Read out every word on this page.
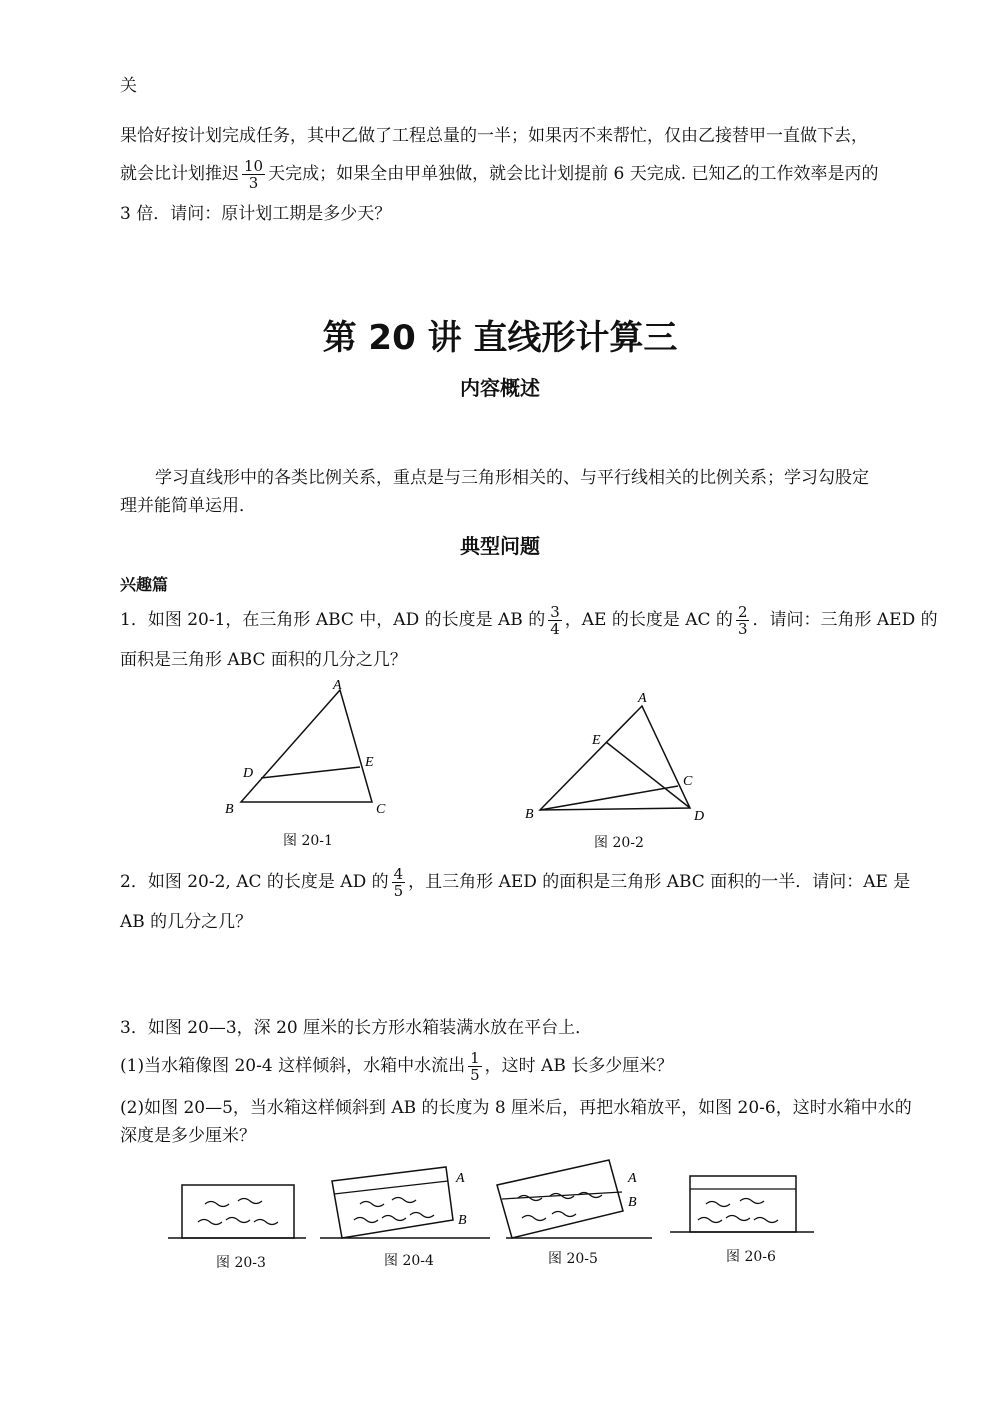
关
果恰好按计划完成任务，其中乙做了工程总量的一半；如果丙不来帮忙，仅由乙接替甲一直做下去，
就会比计划推迟 $\frac{10}{3}$ 天完成；如果全由甲单独做，就会比计划提前 6 天完成. 已知乙的工作效率是丙的
3 倍．请问：原计划工期是多少天？
第 20 讲 直线形计算三
内容概述
学习直线形中的各类比例关系，重点是与三角形相关的、与平行线相关的比例关系；学习勾股定
理并能简单运用．
典型问题
兴趣篇
1．如图 20-1，在三角形 ABC 中，AD 的长度是 AB 的 $\frac{3}{4}$ ，AE 的长度是 AC 的 $\frac{2}{3}$ ．请问：三角形 AED 的
面积是三角形 ABC 面积的几分之几？
A
B	C
D
E
图 20-1
A
B
C
D
E
图 20-2
2．如图 20-2, AC 的长度是 AD 的 $\frac{4}{5}$ ，且三角形 AED 的面积是三角形 ABC 面积的一半．请问：AE 是
AB 的几分之几？
3．如图 20—3，深 20 厘米的长方形水箱装满水放在平台上．
(1)当水箱像图 20-4 这样倾斜，水箱中水流出 $\frac{1}{5}$ ，这时 AB 长多少厘米？
(2)如图 20—5，当水箱这样倾斜到 AB 的长度为 8 厘米后，再把水箱放平，如图 20-6，这时水箱中水的
深度是多少厘米？
A
B
A
B
图 20-3	图 20-4	图 20-5	图 20-6
